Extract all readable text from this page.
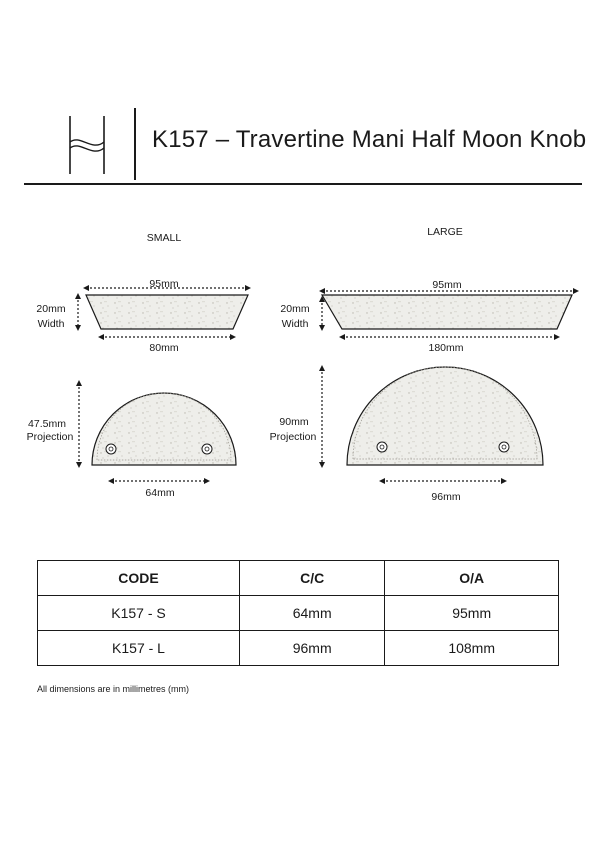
K157 – Travertine Mani Half Moon Knob
SMALL
95mm
20mm
Width
80mm
47.5mm
Projection
64mm
LARGE
95mm
20mm
Width
180mm
90mm
Projection
96mm
CODE	C/C	O/A
K157 - S	64mm	95mm
K157 - L	96mm	108mm
All dimensions are in millimetres (mm)
